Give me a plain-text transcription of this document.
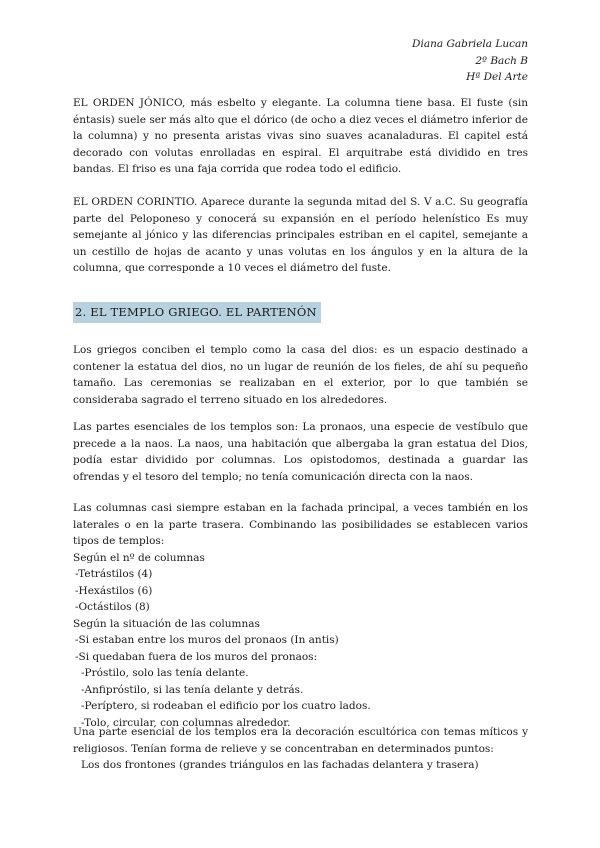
Diana Gabriela Lucan
2º Bach B
Hª Del Arte

EL ORDEN JÓNICO, más esbelto y elegante. La columna tiene basa. El fuste (sin éntasis) suele ser más alto que el dórico (de ocho a diez veces el diámetro inferior de la columna) y no presenta aristas vivas sino suaves acanaladuras. El capitel está decorado con volutas enrolladas en espiral. El arquitrabe está dividido en tres bandas. El friso es una faja corrida que rodea todo el edificio.

EL ORDEN CORINTIO. Aparece durante la segunda mitad del S. V a.C. Su geografía parte del Peloponeso y conocerá su expansión en el período helenístico Es muy semejante al jónico y las diferencias principales estriban en el capitel, semejante a un cestillo de hojas de acanto y unas volutas en los ángulos y en la altura de la columna, que corresponde a 10 veces el diámetro del fuste.

2. EL TEMPLO GRIEGO. EL PARTENÓN

Los griegos conciben el templo como la casa del dios: es un espacio destinado a contener la estatua del dios, no un lugar de reunión de los fieles, de ahí su pequeño tamaño. Las ceremonias se realizaban en el exterior, por lo que también se consideraba sagrado el terreno situado en los alrededores.

Las partes esenciales de los templos son: La pronaos, una especie de vestíbulo que precede a la naos. La naos, una habitación que albergaba la gran estatua del Dios, podía estar dividido por columnas. Los opistodomos, destinada a guardar las ofrendas y el tesoro del templo; no tenía comunicación directa con la naos.

Las columnas casi siempre estaban en la fachada principal, a veces también en los laterales o en la parte trasera. Combinando las posibilidades se establecen varios tipos de templos:

Según el nº de columnas

-Tetrástilos (4)

-Hexástilos (6)

-Octástilos (8)

Según la situación de las columnas

-Si estaban entre los muros del pronaos (In antis)

-Si quedaban fuera de los muros del pronaos:

-Próstilo, solo las tenía delante.

-Anfipróstilo, si las tenía delante y detrás.

-Períptero, si rodeaban el edificio por los cuatro lados.

-Tolo, circular, con columnas alrededor.

Una parte esencial de los templos era la decoración escultórica con temas míticos y religiosos. Tenían forma de relieve y se concentraban en determinados puntos:

Los dos frontones (grandes triángulos en las fachadas delantera y trasera)
